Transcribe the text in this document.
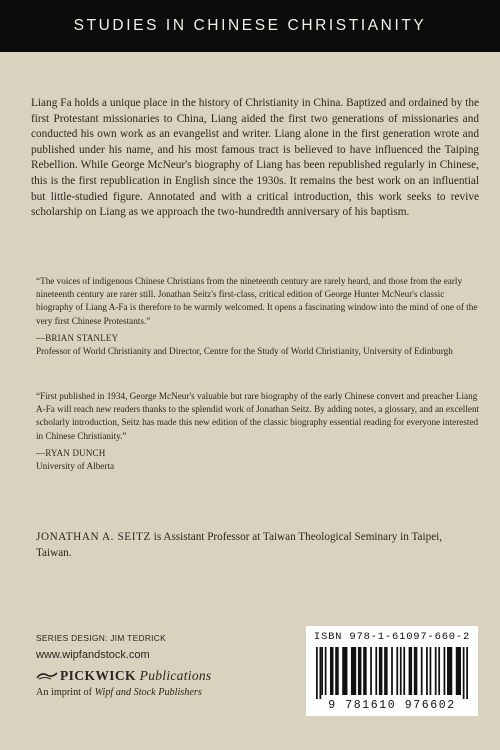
STUDIES IN CHINESE CHRISTIANITY

Liang Fa holds a unique place in the history of Christianity in China. Baptized and ordained by the first Protestant missionaries to China, Liang aided the first two generations of missionaries and conducted his own work as an evangelist and writer. Liang alone in the first generation wrote and published under his name, and his most famous tract is believed to have influenced the Taiping Rebellion. While George McNeur's biography of Liang has been republished regularly in Chinese, this is the first republication in English since the 1930s. It remains the best work on an influential but little-studied figure. Annotated and with a critical introduction, this work seeks to revive scholarship on Liang as we approach the two-hundredth anniversary of his baptism.

“The voices of indigenous Chinese Christians from the nineteenth century are rarely heard, and those from the early nineteenth century are rarer still. Jonathan Seitz's first-class, critical edition of George Hunter McNeur's classic biography of Liang A-Fa is therefore to be warmly welcomed. It opens a fascinating window into the mind of one of the very first Chinese Protestants.”

—BRIAN STANLEY
Professor of World Christianity and Director, Centre for the Study of World Christianity, University of Edinburgh

“First published in 1934, George McNeur's valuable but rare biography of the early Chinese convert and preacher Liang A-Fa will reach new readers thanks to the splendid work of Jonathan Seitz. By adding notes, a glossary, and an excellent scholarly introduction, Seitz has made this new edition of the classic biography essential reading for everyone interested in Chinese Christianity.”

—RYAN DUNCH
University of Alberta

JONATHAN A. SEITZ is Assistant Professor at Taiwan Theological Seminary in Taipei, Taiwan.

SERIES DESIGN: JIM TEDRICK
www.wipfandstock.com
PICKWICK Publications
An imprint of Wipf and Stock Publishers
ISBN 978-1-61097-660-2
9 781610 976602
